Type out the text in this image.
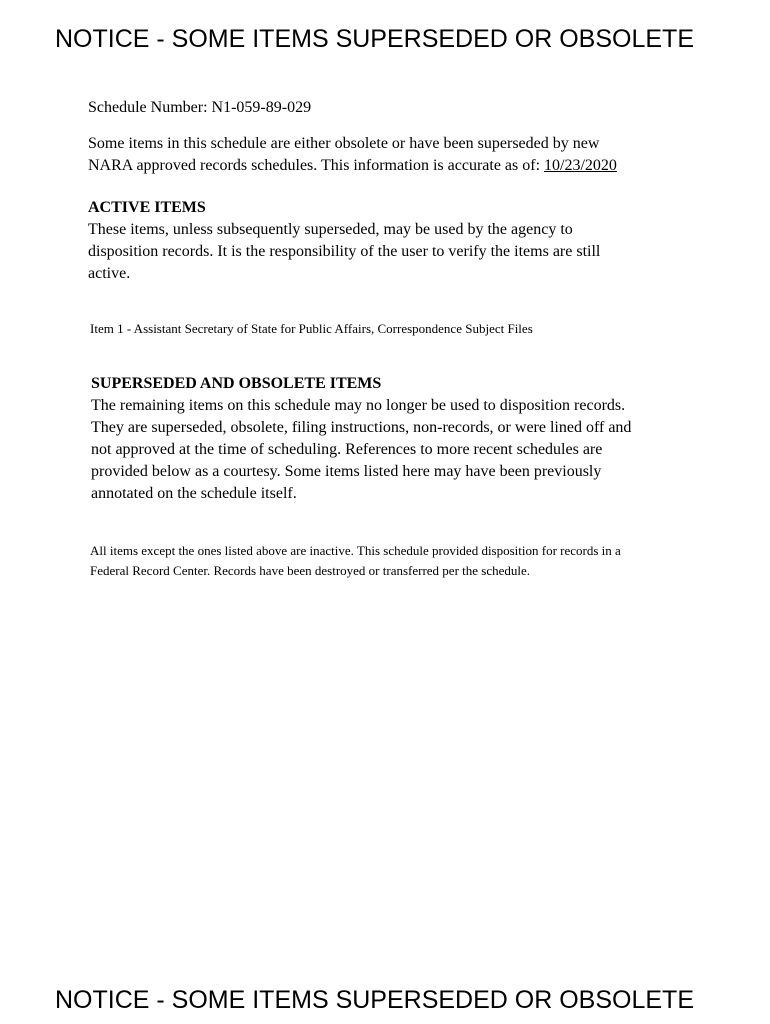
NOTICE - SOME ITEMS SUPERSEDED OR OBSOLETE
Schedule Number: N1-059-89-029
Some items in this schedule are either obsolete or have been superseded by new
NARA approved records schedules. This information is accurate as of: 10/23/2020
ACTIVE ITEMS
These items, unless subsequently superseded, may be used by the agency to
disposition records. It is the responsibility of the user to verify the items are still
active.
Item 1 - Assistant Secretary of State for Public Affairs, Correspondence Subject Files
SUPERSEDED AND OBSOLETE ITEMS
The remaining items on this schedule may no longer be used to disposition records.
They are superseded, obsolete, filing instructions, non-records, or were lined off and
not approved at the time of scheduling. References to more recent schedules are
provided below as a courtesy. Some items listed here may have been previously
annotated on the schedule itself.
All items except the ones listed above are inactive. This schedule provided disposition for records in a
Federal Record Center. Records have been destroyed or transferred per the schedule.
NOTICE - SOME ITEMS SUPERSEDED OR OBSOLETE
